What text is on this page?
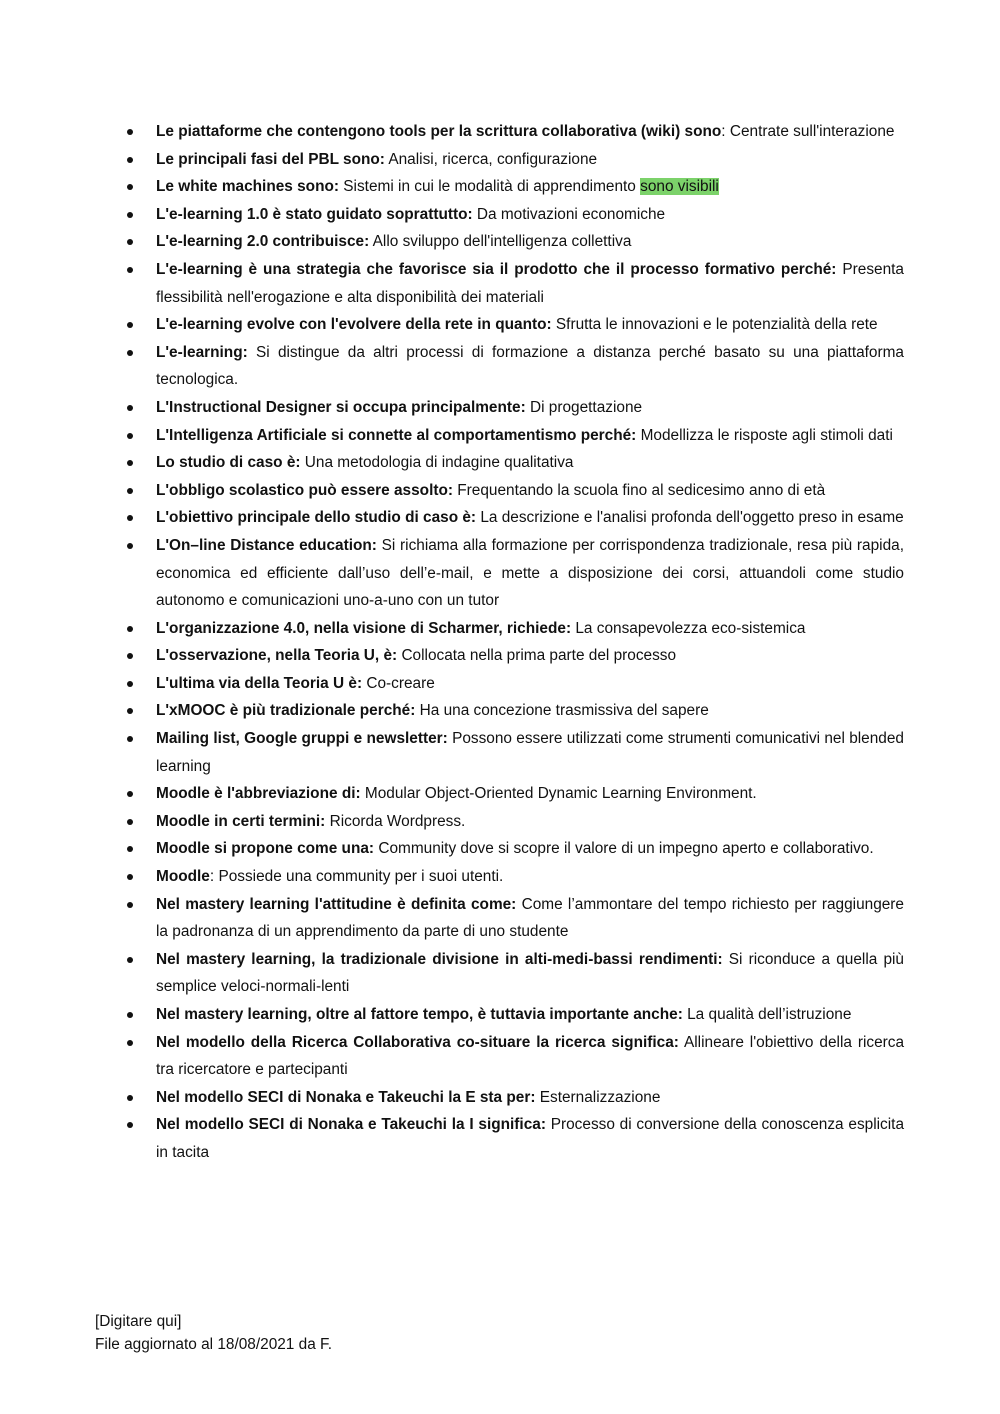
Le piattaforme che contengono tools per la scrittura collaborativa (wiki) sono: Centrate sull'interazione
Le principali fasi del PBL sono: Analisi, ricerca, configurazione
Le white machines sono: Sistemi in cui le modalità di apprendimento sono visibili
L'e-learning 1.0 è stato guidato soprattutto: Da motivazioni economiche
L'e-learning 2.0 contribuisce: Allo sviluppo dell'intelligenza collettiva
L'e-learning è una strategia che favorisce sia il prodotto che il processo formativo perché: Presenta flessibilità nell'erogazione e alta disponibilità dei materiali
L'e-learning evolve con l'evolvere della rete in quanto: Sfrutta le innovazioni e le potenzialità della rete
L'e-learning: Si distingue da altri processi di formazione a distanza perché basato su una piattaforma tecnologica.
L'Instructional Designer si occupa principalmente: Di progettazione
L'Intelligenza Artificiale si connette al comportamentismo perché: Modellizza le risposte agli stimoli dati
Lo studio di caso è: Una metodologia di indagine qualitativa
L'obbligo scolastico può essere assolto: Frequentando la scuola fino al sedicesimo anno di età
L'obiettivo principale dello studio di caso è: La descrizione e l'analisi profonda dell'oggetto preso in esame
L'On–line Distance education: Si richiama alla formazione per corrispondenza tradizionale, resa più rapida, economica ed efficiente dall’uso dell’e-mail, e mette a disposizione dei corsi, attuandoli come studio autonomo e comunicazioni uno-a-uno con un tutor
L'organizzazione 4.0, nella visione di Scharmer, richiede: La consapevolezza eco-sistemica
L'osservazione, nella Teoria U, è: Collocata nella prima parte del processo
L'ultima via della Teoria U è: Co-creare
L'xMOOC è più tradizionale perché: Ha una concezione trasmissiva del sapere
Mailing list, Google gruppi e newsletter: Possono essere utilizzati come strumenti comunicativi nel blended learning
Moodle è l'abbreviazione di: Modular Object-Oriented Dynamic Learning Environment.
Moodle in certi termini: Ricorda Wordpress.
Moodle si propone come una: Community dove si scopre il valore di un impegno aperto e collaborativo.
Moodle: Possiede una community per i suoi utenti.
Nel mastery learning l'attitudine è definita come: Come l’ammontare del tempo richiesto per raggiungere la padronanza di un apprendimento da parte di uno studente
Nel mastery learning, la tradizionale divisione in alti-medi-bassi rendimenti: Si riconduce a quella più semplice veloci-normali-lenti
Nel mastery learning, oltre al fattore tempo, è tuttavia importante anche: La qualità dell’istruzione
Nel modello della Ricerca Collaborativa co-situare la ricerca significa: Allineare l'obiettivo della ricerca tra ricercatore e partecipanti
Nel modello SECI di Nonaka e Takeuchi la E sta per: Esternalizzazione
Nel modello SECI di Nonaka e Takeuchi la I significa: Processo di conversione della conoscenza esplicita in tacita
[Digitare qui]
File aggiornato al 18/08/2021 da F.
